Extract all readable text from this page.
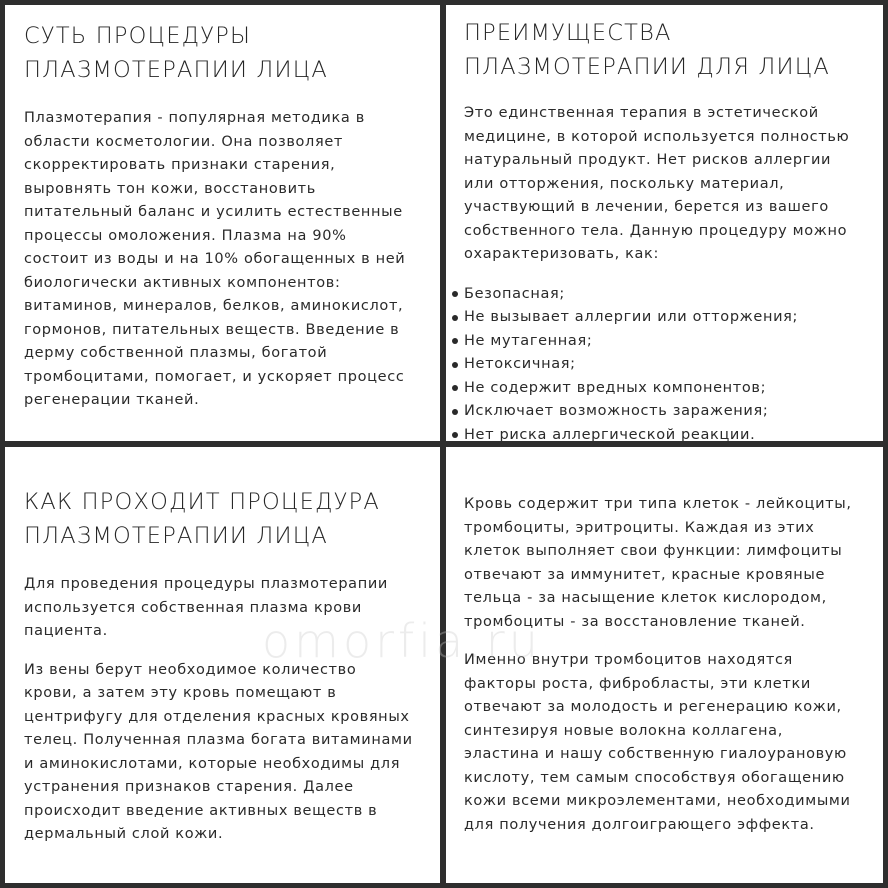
СУТЬ ПРОЦЕДУРЫ
ПЛАЗМОТЕРАПИИ ЛИЦА
Плазмотерапия - популярная методика в
области косметологии. Она позволяет
скорректировать признаки старения,
выровнять тон кожи, восстановить
питательный баланс и усилить естественные
процессы омоложения. Плазма на 90%
состоит из воды и на 10% обогащенных в ней
биологически активных компонентов:
витаминов, минералов, белков, аминокислот,
гормонов, питательных веществ. Введение в
дерму собственной плазмы, богатой
тромбоцитами, помогает, и ускоряет процесс
регенерации тканей.
ПРЕИМУЩЕСТВА
ПЛАЗМОТЕРАПИИ ДЛЯ ЛИЦА
Это единственная терапия в эстетической
медицине, в которой используется полностью
натуральный продукт. Нет рисков аллергии
или отторжения, поскольку материал,
участвующий в лечении, берется из вашего
собственного тела. Данную процедуру можно
охарактеризовать, как:
Безопасная;
Не вызывает аллергии или отторжения;
Не мутагенная;
Нетоксичная;
Не содержит вредных компонентов;
Исключает возможность заражения;
Нет риска аллергической реакции.
КАК ПРОХОДИТ ПРОЦЕДУРА
ПЛАЗМОТЕРАПИИ ЛИЦА
Для проведения процедуры плазмотерапии
используется собственная плазма крови
пациента.
Из вены берут необходимое количество
крови, а затем эту кровь помещают в
центрифугу для отделения красных кровяных
телец. Полученная плазма богата витаминами
и аминокислотами, которые необходимы для
устранения признаков старения. Далее
происходит введение активных веществ в
дермальный слой кожи.
Кровь содержит три типа клеток - лейкоциты,
тромбоциты, эритроциты. Каждая из этих
клеток выполняет свои функции: лимфоциты
отвечают за иммунитет, красные кровяные
тельца - за насыщение клеток кислородом,
тромбоциты - за восстановление тканей.
Именно внутри тромбоцитов находятся
факторы роста, фибробласты, эти клетки
отвечают за молодость и регенерацию кожи,
синтезируя новые волокна коллагена,
эластина и нашу собственную гиалоурановую
кислоту, тем самым способствуя обогащению
кожи всеми микроэлементами, необходимыми
для получения долгоиграющего эффекта.
omorfia.ru
